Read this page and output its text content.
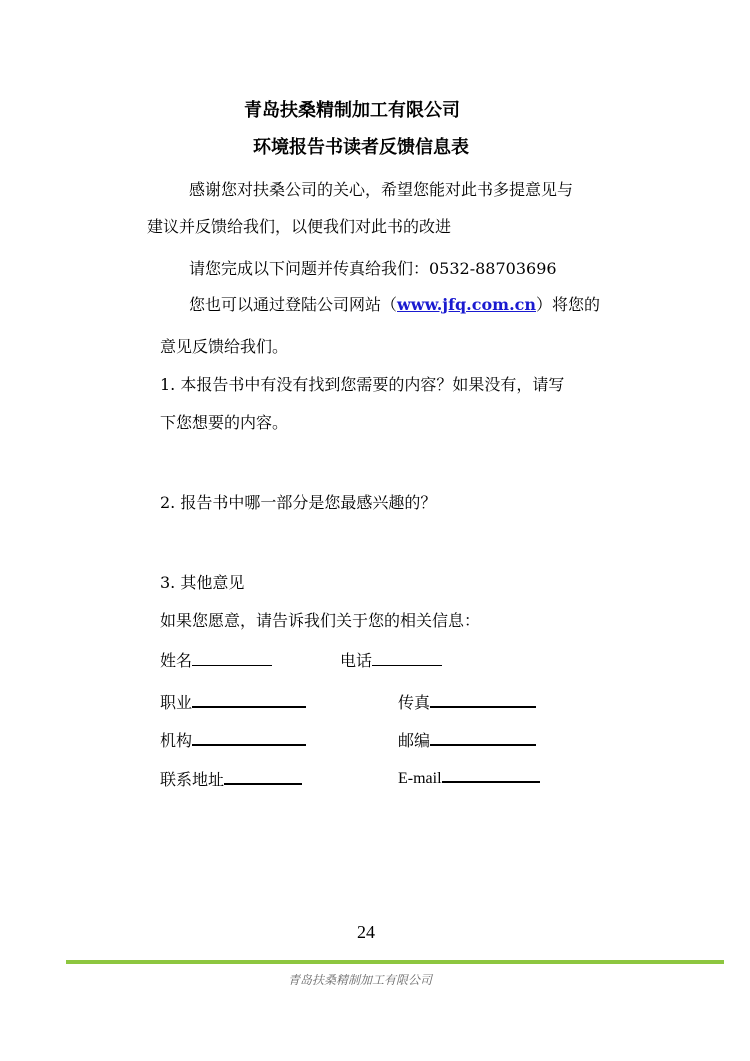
青岛扶桑精制加工有限公司
环境报告书读者反馈信息表
感谢您对扶桑公司的关心，希望您能对此书多提意见与
建议并反馈给我们，以便我们对此书的改进
请您完成以下问题并传真给我们：0532-88703696
您也可以通过登陆公司网站（www.jfq.com.cn）将您的
意见反馈给我们。
1. 本报告书中有没有找到您需要的内容？如果没有，请写
下您想要的内容。
2. 报告书中哪一部分是您最感兴趣的？
3. 其他意见
如果您愿意，请告诉我们关于您的相关信息：
姓名	电话
职业	传真
机构	邮编
联系地址	E-mail
24
青岛扶桑精制加工有限公司
